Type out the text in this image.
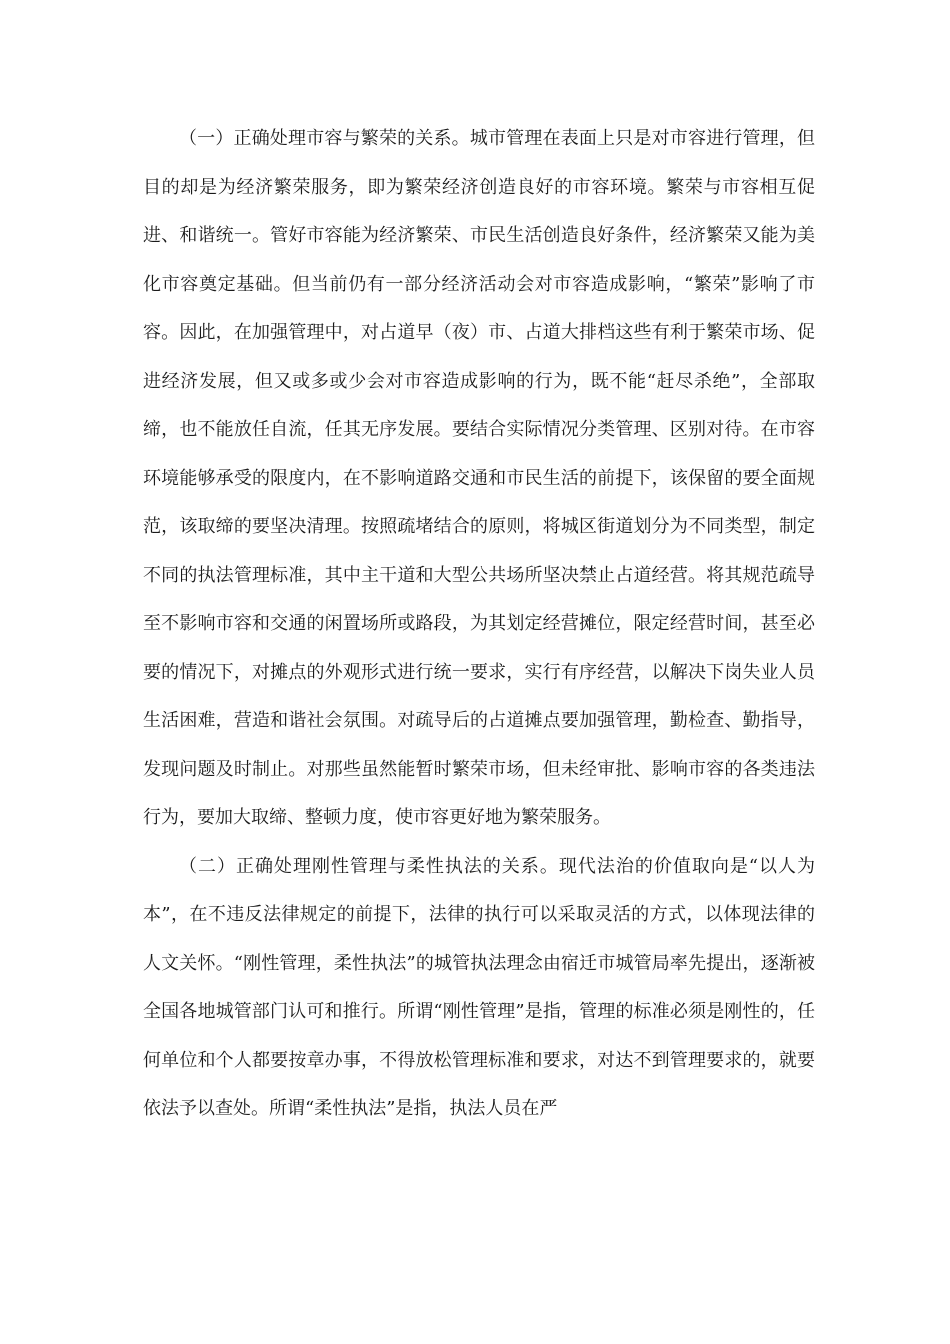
（一）正确处理市容与繁荣的关系。城市管理在表面上只是对市容进行管理，但目的却是为经济繁荣服务，即为繁荣经济创造良好的市容环境。繁荣与市容相互促进、和谐统一。管好市容能为经济繁荣、市民生活创造良好条件，经济繁荣又能为美化市容奠定基础。但当前仍有一部分经济活动会对市容造成影响，“繁荣”影响了市容。因此，在加强管理中，对占道早（夜）市、占道大排档这些有利于繁荣市场、促进经济发展，但又或多或少会对市容造成影响的行为，既不能“赶尽杀绝”，全部取缔，也不能放任自流，任其无序发展。要结合实际情况分类管理、区别对待。在市容环境能够承受的限度内，在不影响道路交通和市民生活的前提下，该保留的要全面规范，该取缔的要坚决清理。按照疏堵结合的原则，将城区街道划分为不同类型，制定不同的执法管理标准，其中主干道和大型公共场所坚决禁止占道经营。将其规范疏导至不影响市容和交通的闲置场所或路段，为其划定经营摊位，限定经营时间，甚至必要的情况下，对摊点的外观形式进行统一要求，实行有序经营，以解决下岗失业人员生活困难，营造和谐社会氛围。对疏导后的占道摊点要加强管理，勤检查、勤指导，发现问题及时制止。对那些虽然能暂时繁荣市场，但未经审批、影响市容的各类违法行为，要加大取缔、整顿力度，使市容更好地为繁荣服务。

（二）正确处理刚性管理与柔性执法的关系。现代法治的价值取向是“以人为本”，在不违反法律规定的前提下，法律的执行可以采取灵活的方式，以体现法律的人文关怀。“刚性管理，柔性执法”的城管执法理念由宿迁市城管局率先提出，逐渐被全国各地城管部门认可和推行。所谓“刚性管理”是指，管理的标准必须是刚性的，任何单位和个人都要按章办事，不得放松管理标准和要求，对达不到管理要求的，就要依法予以查处。所谓“柔性执法”是指，执法人员在严
